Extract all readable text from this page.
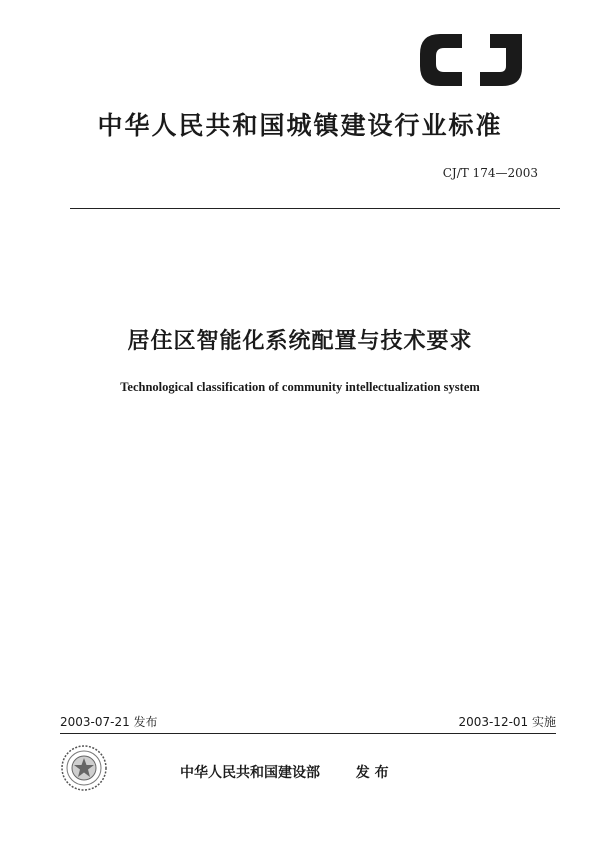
中华人民共和国城镇建设行业标准
CJ/T 174—2003
居住区智能化系统配置与技术要求
Technological classification of community intellectualization system
2003-07-21 发布	2003-12-01 实施
中华人民共和国建设部	发 布
